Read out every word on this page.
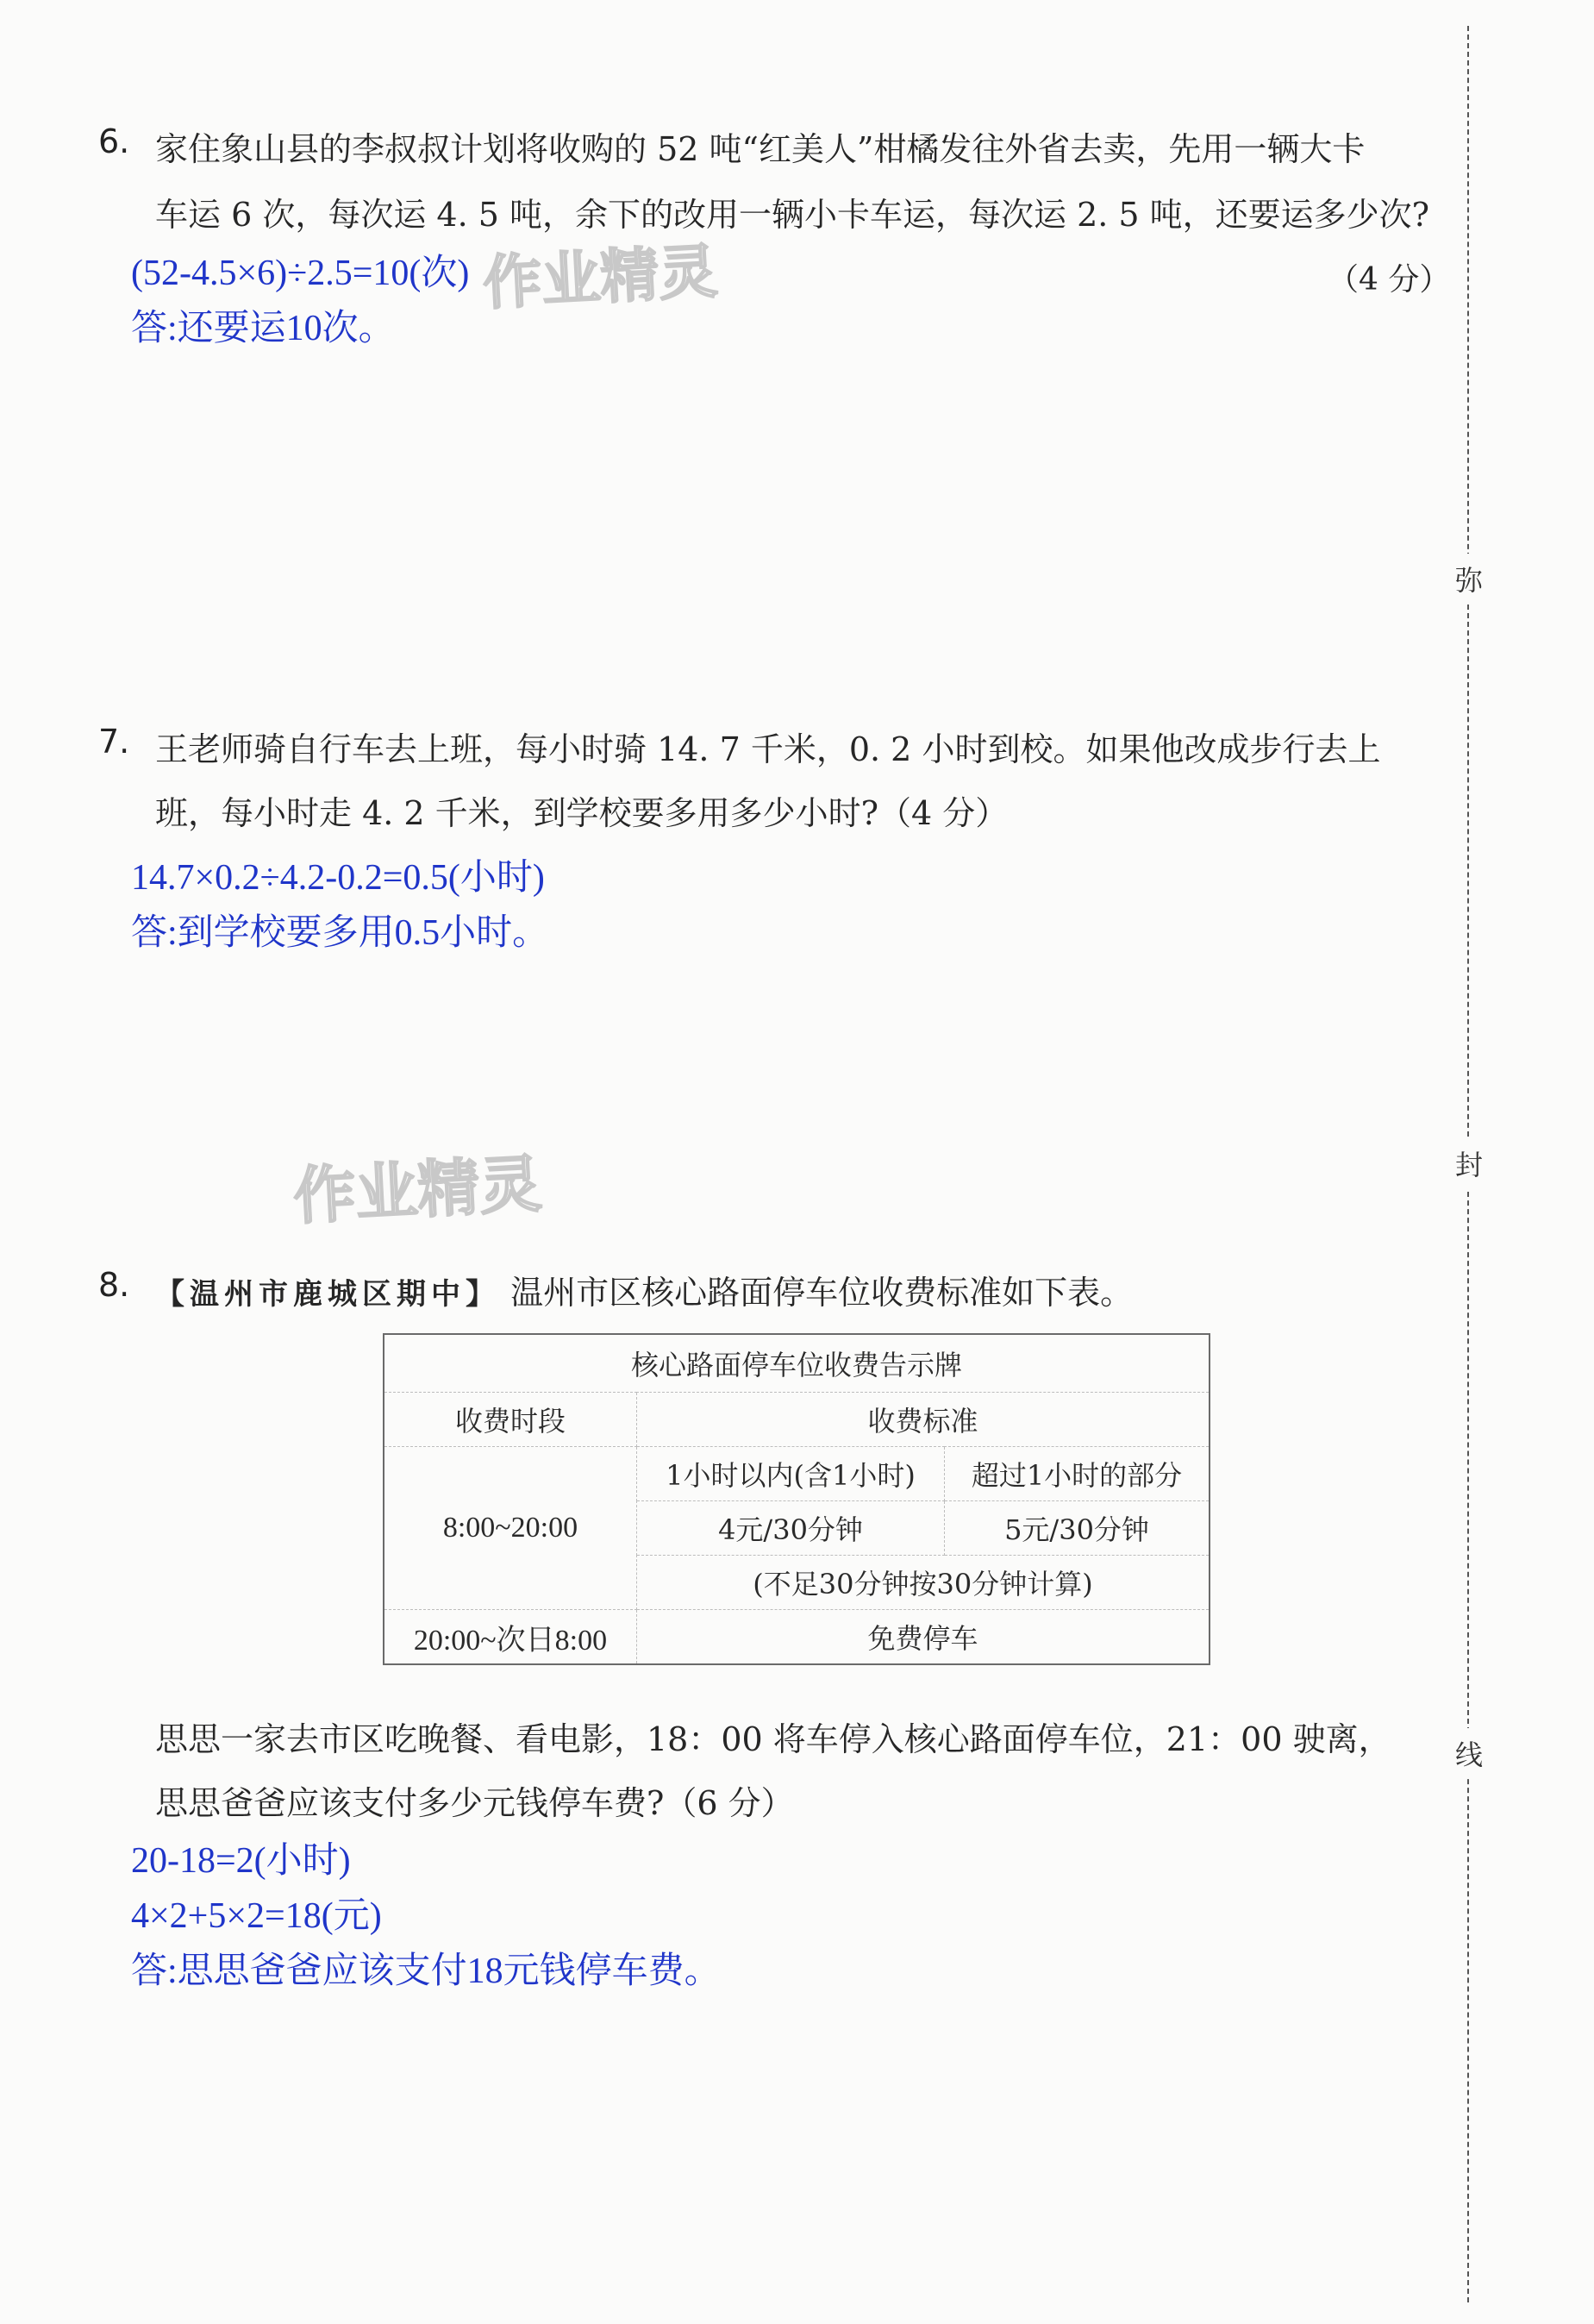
6. 家住象山县的李叔叔计划将收购的 52 吨“红美人”柑橘发往外省去卖，先用一辆大卡
车运 6 次，每次运 4. 5 吨，余下的改用一辆小卡车运，每次运 2. 5 吨，还要运多少次?
(52-4.5×6)÷2.5=10(次)	（4 分）
答:还要运10次。
作业精灵
7. 王老师骑自行车去上班，每小时骑 14. 7 千米，0. 2 小时到校。如果他改成步行去上
班，每小时走 4. 2 千米，到学校要多用多少小时?（4 分）
14.7×0.2÷4.2-0.2=0.5(小时)
答:到学校要多用0.5小时。
作业精灵
8. 【温州市鹿城区期中】 温州市区核心路面停车位收费标准如下表。
核心路面停车位收费告示牌		
收费时段	收费标准	
8:00~20:00	1小时以内(含1小时)	超过1小时的部分
	4元/30分钟	5元/30分钟
	(不足30分钟按30分钟计算)	
20:00~次日8:00	免费停车	
思思一家去市区吃晚餐、看电影，18：00 将车停入核心路面停车位，21：00 驶离，
思思爸爸应该支付多少元钱停车费?（6 分）
20-18=2(小时)
4×2+5×2=18(元)
答:思思爸爸应该支付18元钱停车费。
弥
封
线
